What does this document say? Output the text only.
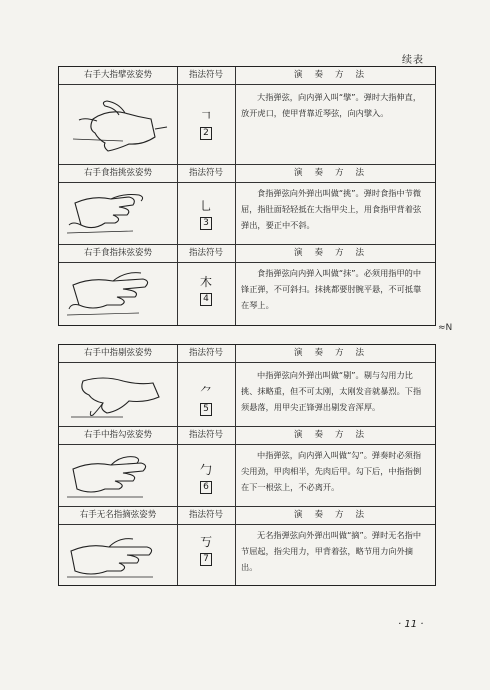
续表
右手大指擘弦姿势	指法符号	演奏方法
𠃍
2
大指弹弦，向内弹入叫“擘”。弹时大指伸直，放开虎口，使甲背靠近琴弦，向内擘入。
右手食指挑弦姿势	指法符号	演奏方法
乚
3
食指弹弦向外弹出叫做“挑”。弹时食指中节微屈，指肚面轻轻抵在大指甲尖上，用食指甲背着弦弹出，要正中不斜。
右手食指抹弦姿势	指法符号	演奏方法
木
4
食指弹弦向内弹入叫做“抹”。必须用指甲的中锋正弹，不可斜扫。抹挑都要肘腕平悬，不可抵靠在琴上。
≈N
右手中指剔弦姿势	指法符号	演奏方法
⺈
5
中指弹弦向外弹出叫做“剔”。剔与勾用力比挑、抹略重，但不可太刚，太刚发音就暴烈。下指须悬落，用甲尖正锋弹出剔发音浑厚。
右手中指勾弦姿势	指法符号	演奏方法
勹
6
中指弹弦，向内弹入叫做“勾”。弹奏时必须指尖用劲，甲肉相半，先肉后甲。勾下后，中指指倒在下一根弦上，不必离开。
右手无名指摘弦姿势	指法符号	演奏方法
丂
7
无名指弹弦向外弹出叫做“摘”。弹时无名指中节屈起，指尖用力，甲背着弦，略节用力向外摘出。
· 11 ·
